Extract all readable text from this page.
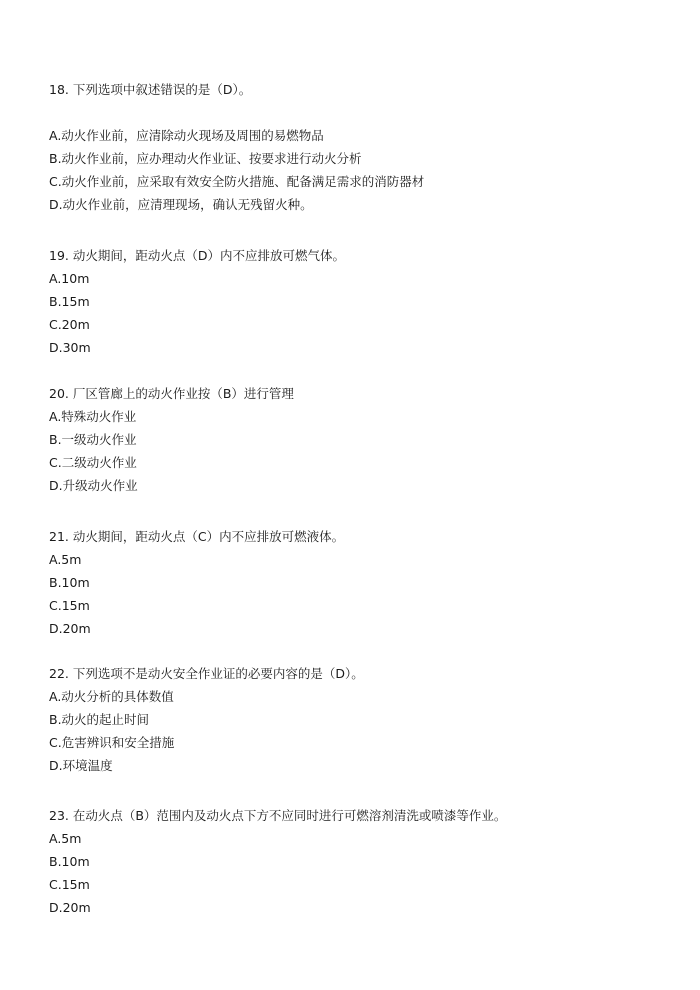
18. 下列选项中叙述错误的是（D）。
A.动火作业前，应清除动火现场及周围的易燃物品
B.动火作业前，应办理动火作业证、按要求进行动火分析
C.动火作业前，应采取有效安全防火措施、配备满足需求的消防器材
D.动火作业前，应清理现场，确认无残留火种。
19. 动火期间，距动火点（D）内不应排放可燃气体。
A.10m
B.15m
C.20m
D.30m
20. 厂区管廊上的动火作业按（B）进行管理
A.特殊动火作业
B.一级动火作业
C.二级动火作业
D.升级动火作业
21. 动火期间，距动火点（C）内不应排放可燃液体。
A.5m
B.10m
C.15m
D.20m
22. 下列选项不是动火安全作业证的必要内容的是（D）。
A.动火分析的具体数值
B.动火的起止时间
C.危害辨识和安全措施
D.环境温度
23. 在动火点（B）范围内及动火点下方不应同时进行可燃溶剂清洗或喷漆等作业。
A.5m
B.10m
C.15m
D.20m
